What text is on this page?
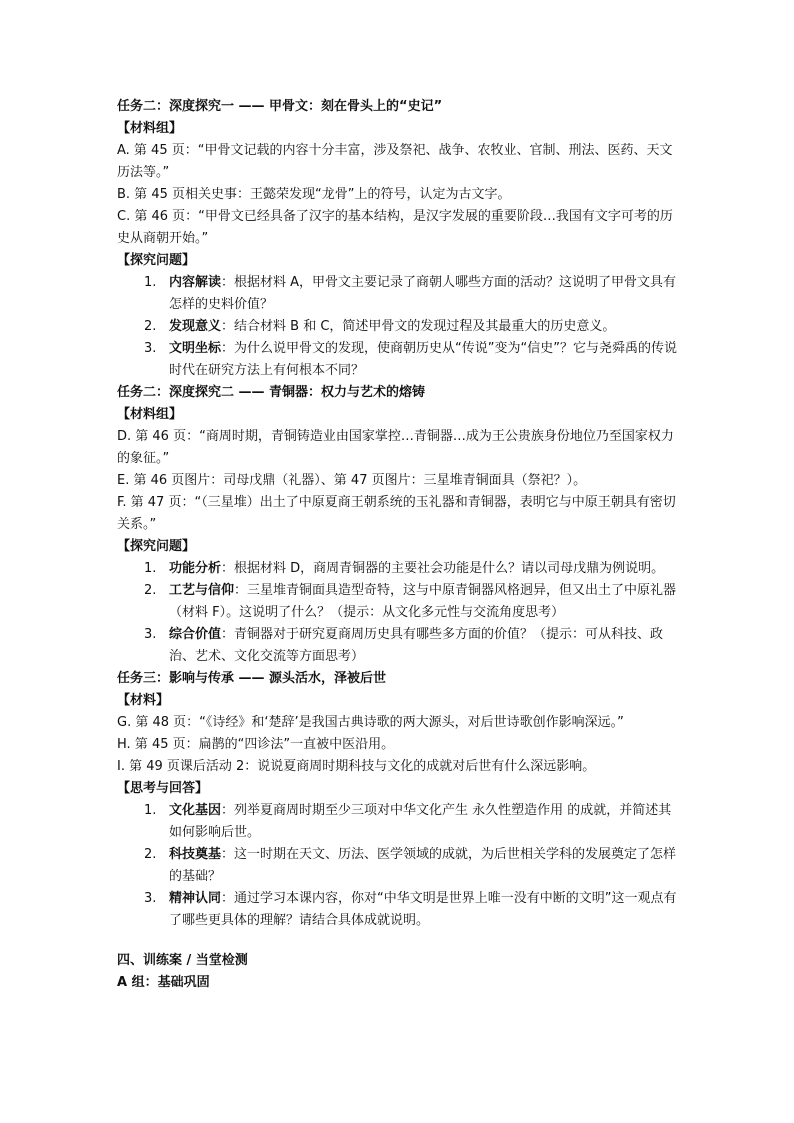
任务二：深度探究一 —— 甲骨文：刻在骨头上的“史记”

【材料组】

A. 第 45 页：“甲骨文记载的内容十分丰富，涉及祭祀、战争、农牧业、官制、刑法、医药、天文历法等。”

B. 第 45 页相关史事：王懿荣发现“龙骨”上的符号，认定为古文字。

C. 第 46 页：“甲骨文已经具备了汉字的基本结构，是汉字发展的重要阶段…我国有文字可考的历史从商朝开始。”

【探究问题】

1. 内容解读：根据材料 A，甲骨文主要记录了商朝人哪些方面的活动？这说明了甲骨文具有怎样的史料价值？
2. 发现意义：结合材料 B 和 C，简述甲骨文的发现过程及其最重大的历史意义。
3. 文明坐标：为什么说甲骨文的发现，使商朝历史从“传说”变为“信史”？它与尧舜禹的传说时代在研究方法上有何根本不同？

任务二：深度探究二 —— 青铜器：权力与艺术的熔铸

【材料组】

D. 第 46 页：“商周时期，青铜铸造业由国家掌控…青铜器…成为王公贵族身份地位乃至国家权力的象征。”

E. 第 46 页图片：司母戊鼎（礼器）、第 47 页图片：三星堆青铜面具（祭祀？）。

F. 第 47 页：“（三星堆）出土了中原夏商王朝系统的玉礼器和青铜器，表明它与中原王朝具有密切关系。”

【探究问题】

1. 功能分析：根据材料 D，商周青铜器的主要社会功能是什么？请以司母戊鼎为例说明。
2. 工艺与信仰：三星堆青铜面具造型奇特，这与中原青铜器风格迥异，但又出土了中原礼器（材料 F）。这说明了什么？（提示：从文化多元性与交流角度思考）
3. 综合价值：青铜器对于研究夏商周历史具有哪些多方面的价值？（提示：可从科技、政治、艺术、文化交流等方面思考）

任务三：影响与传承 —— 源头活水，泽被后世

【材料】

G. 第 48 页：“《诗经》和‘楚辞’是我国古典诗歌的两大源头，对后世诗歌创作影响深远。”

H. 第 45 页：扁鹊的“四诊法”一直被中医沿用。

I. 第 49 页课后活动 2：说说夏商周时期科技与文化的成就对后世有什么深远影响。

【思考与回答】

1. 文化基因：列举夏商周时期至少三项对中华文化产生 永久性塑造作用 的成就，并简述其如何影响后世。
2. 科技奠基：这一时期在天文、历法、医学领域的成就，为后世相关学科的发展奠定了怎样的基础？
3. 精神认同：通过学习本课内容，你对“中华文明是世界上唯一没有中断的文明”这一观点有了哪些更具体的理解？请结合具体成就说明。

四、训练案 / 当堂检测

A 组：基础巩固
